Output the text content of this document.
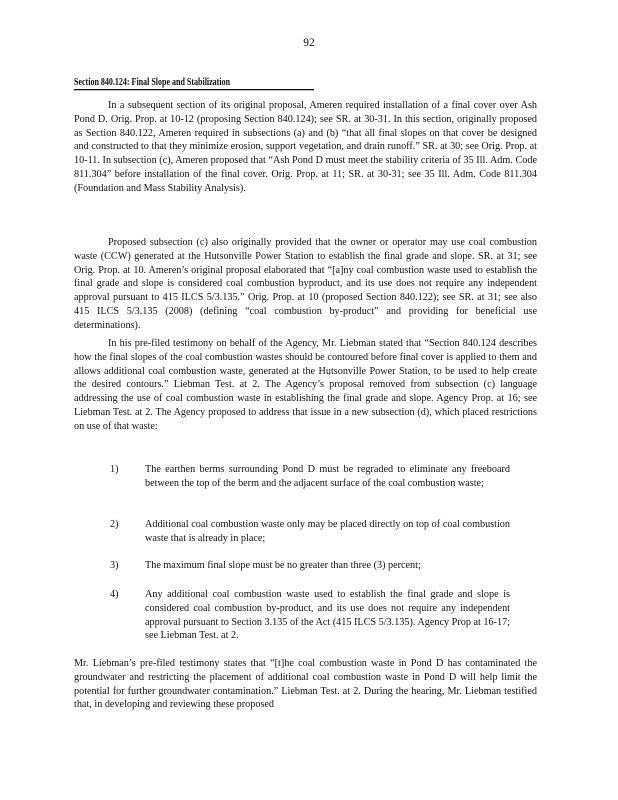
92
Section 840.124: Final Slope and Stabilization

In a subsequent section of its original proposal, Ameren required installation of a final cover over Ash Pond D. Orig. Prop. at 10-12 (proposing Section 840.124); see SR. at 30-31. In this section, originally proposed as Section 840.122, Ameren required in subsections (a) and (b) “that all final slopes on that cover be designed and constructed to that they minimize erosion, support vegetation, and drain runoff.” SR. at 30; see Orig. Prop. at 10-11. In subsection (c), Ameren proposed that “Ash Pond D must meet the stability criteria of 35 Ill. Adm. Code 811.304” before installation of the final cover. Orig. Prop. at 11; SR. at 30-31; see 35 Ill. Adm. Code 811.304 (Foundation and Mass Stability Analysis).

Proposed subsection (c) also originally provided that the owner or operator may use coal combustion waste (CCW) generated at the Hutsonville Power Station to establish the final grade and slope. SR. at 31; see Orig. Prop. at 10. Ameren’s original proposal elaborated that “[a]ny coal combustion waste used to establish the final grade and slope is considered coal combustion byproduct, and its use does not require any independent approval pursuant to 415 ILCS 5/3.135.” Orig. Prop. at 10 (proposed Section 840.122); see SR. at 31; see also 415 ILCS 5/3.135 (2008) (defining “coal combustion by-product” and providing for beneficial use determinations).

In his pre-filed testimony on behalf of the Agency, Mr. Liebman stated that “Section 840.124 describes how the final slopes of the coal combustion wastes should be contoured before final cover is applied to them and allows additional coal combustion waste, generated at the Hutsonville Power Station, to be used to help create the desired contours.” Liebman Test. at 2. The Agency’s proposal removed from subsection (c) language addressing the use of coal combustion waste in establishing the final grade and slope. Agency Prop. at 16; see Liebman Test. at 2. The Agency proposed to address that issue in a new subsection (d), which placed restrictions on use of that waste:

1)	The earthen berms surrounding Pond D must be regraded to eliminate any freeboard between the top of the berm and the adjacent surface of the coal combustion waste;
2)	Additional coal combustion waste only may be placed directly on top of coal combustion waste that is already in place;
3)	The maximum final slope must be no greater than three (3) percent;
4)	Any additional coal combustion waste used to establish the final grade and slope is considered coal combustion by-product, and its use does not require any independent approval pursuant to Section 3.135 of the Act (415 ILCS 5/3.135). Agency Prop at 16-17; see Liebman Test. at 2.

Mr. Liebman’s pre-filed testimony states that “[t]he coal combustion waste in Pond D has contaminated the groundwater and restricting the placement of additional coal combustion waste in Pond D will help limit the potential for further groundwater contamination.” Liebman Test. at 2. During the hearing, Mr. Liebman testified that, in developing and reviewing these proposed
